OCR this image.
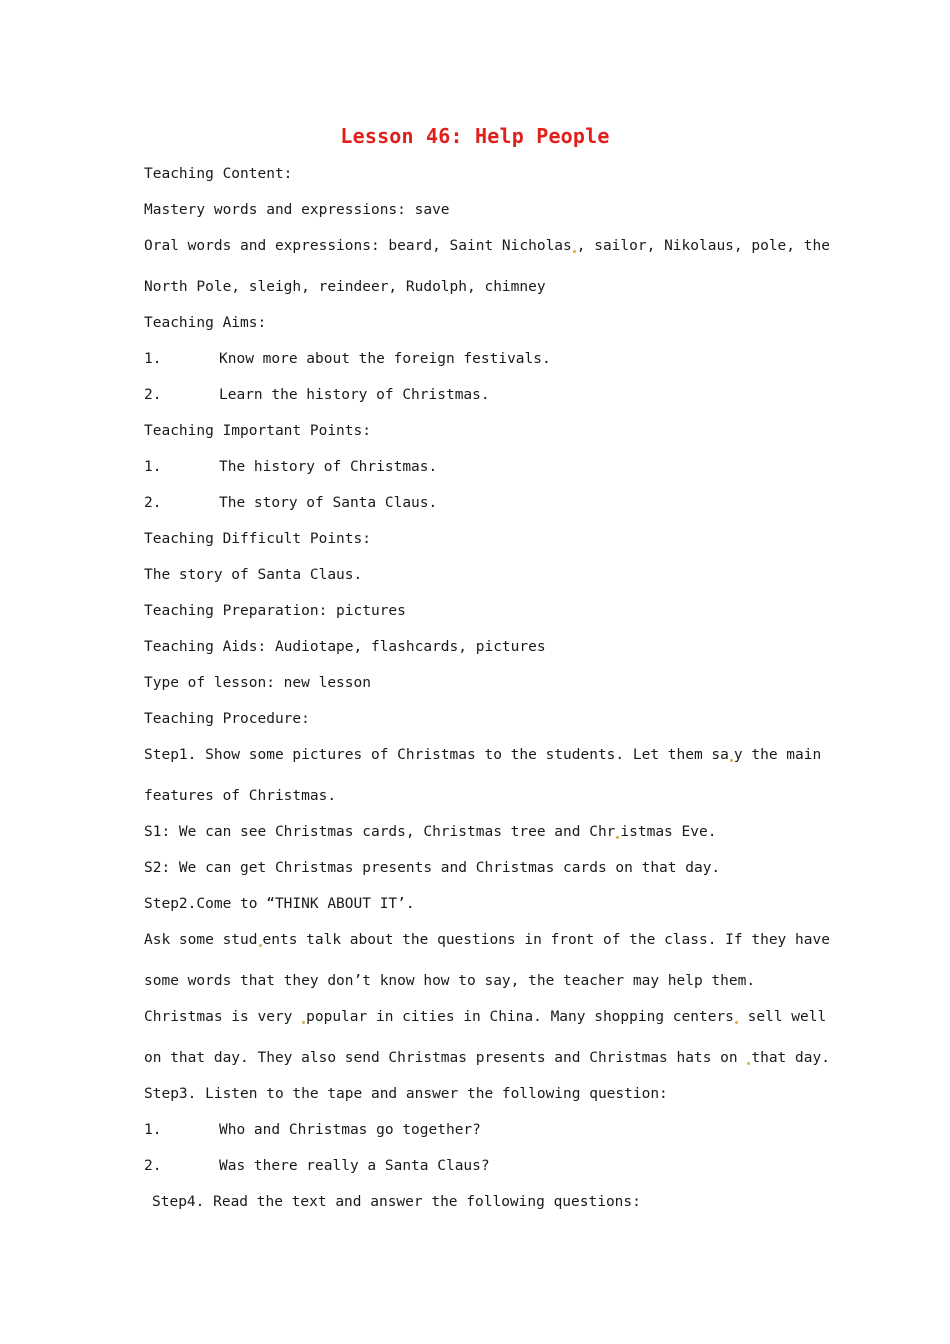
Lesson 46: Help People
Teaching Content:
Mastery words and expressions: save
Oral words and expressions: beard, Saint Nicholas , sailor, Nikolaus, pole, the
North Pole, sleigh, reindeer, Rudolph, chimney
Teaching Aims:
1.	Know more about the foreign festivals.
2.	Learn the history of Christmas.
Teaching Important Points:
1.	The history of Christmas.
2.	The story of Santa Claus.
Teaching Difficult Points:
The story of Santa Claus.
Teaching Preparation: pictures
Teaching Aids: Audiotape, flashcards, pictures
Type of lesson: new lesson
Teaching Procedure:
Step1. Show some pictures of Christmas to the students. Let them sa y the main
features of Christmas.
S1: We can see Christmas cards, Christmas tree and Chr istmas Eve.
S2: We can get Christmas presents and Christmas cards on that day.
Step2.Come to “THINK ABOUT IT’.
Ask some stud ents talk about the questions in front of the class. If they have
some words that they don’t know how to say, the teacher may help them.
Christmas is very popular in cities in China. Many shopping centers sell well
on that day. They also send Christmas presents and Christmas hats on that day.
Step3. Listen to the tape and answer the following question:
1.	Who and Christmas go together?
2.	Was there really a Santa Claus?
Step4. Read the text and answer the following questions:
